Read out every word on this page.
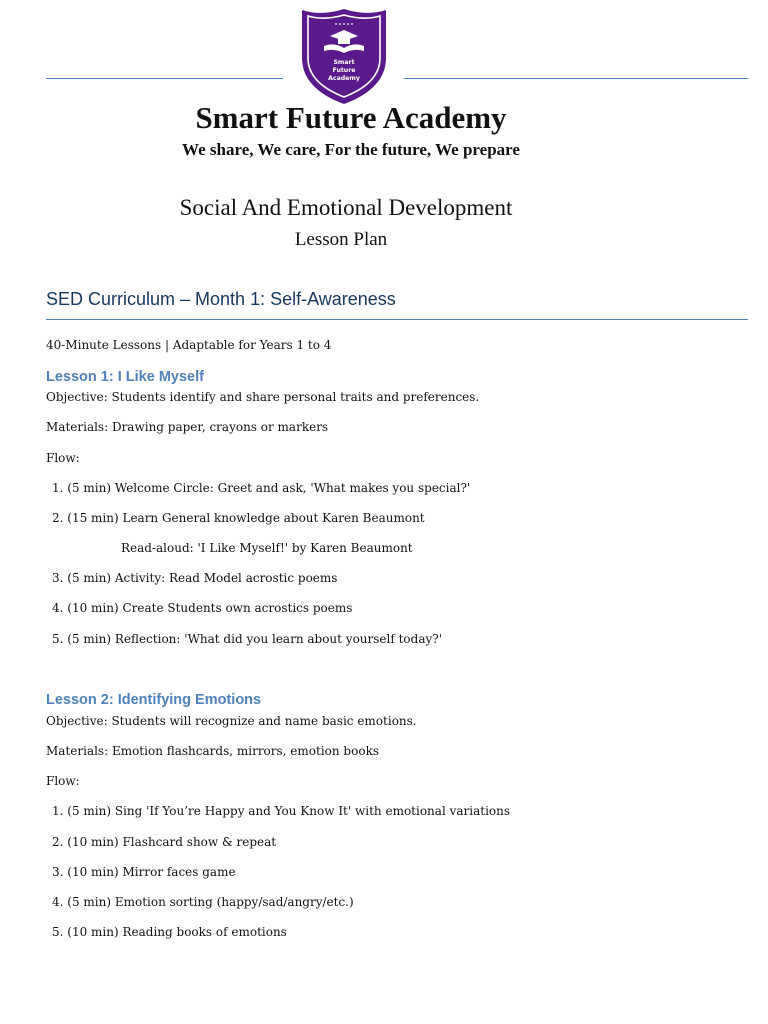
Smart
Future
Academy
Smart Future Academy
We share, We care, For the future, We prepare
Social And Emotional Development
Lesson Plan
SED Curriculum – Month 1: Self-Awareness
40-Minute Lessons | Adaptable for Years 1 to 4
Lesson 1: I Like Myself
Objective: Students identify and share personal traits and preferences.
Materials: Drawing paper, crayons or markers
Flow:
1. (5 min) Welcome Circle: Greet and ask, 'What makes you special?'
2. (15 min) Learn General knowledge about Karen Beaumont
Read-aloud: 'I Like Myself!' by Karen Beaumont
3. (5 min) Activity: Read Model acrostic poems
4. (10 min) Create Students own acrostics poems
5. (5 min) Reflection: 'What did you learn about yourself today?'
Lesson 2: Identifying Emotions
Objective: Students will recognize and name basic emotions.
Materials: Emotion flashcards, mirrors, emotion books
Flow:
1. (5 min) Sing 'If You’re Happy and You Know It' with emotional variations
2. (10 min) Flashcard show & repeat
3. (10 min) Mirror faces game
4. (5 min) Emotion sorting (happy/sad/angry/etc.)
5. (10 min) Reading books of emotions
